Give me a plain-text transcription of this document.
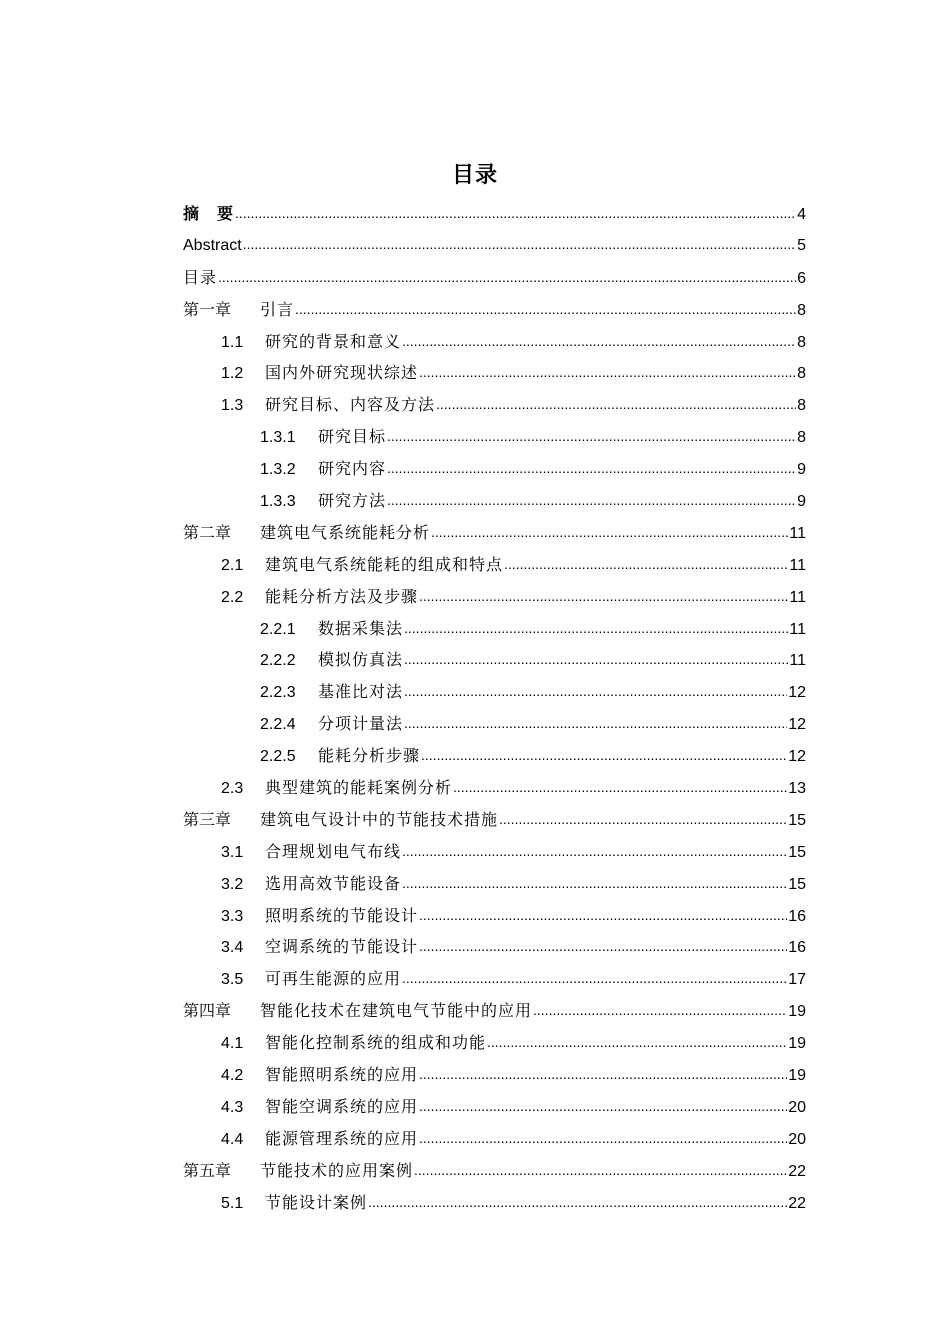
目录
摘　要 .....	4
Abstract .....	5
目录 .....	6
第一章	引言 .....	8
1.1	研究的背景和意义 .....	8
1.2	国内外研究现状综述 .....	8
1.3	研究目标、内容及方法 .....	8
1.3.1	研究目标 .....	8
1.3.2	研究内容 .....	9
1.3.3	研究方法 .....	9
第二章	建筑电气系统能耗分析 .....	11
2.1	建筑电气系统能耗的组成和特点 .....	11
2.2	能耗分析方法及步骤 .....	11
2.2.1	数据采集法 .....	11
2.2.2	模拟仿真法 .....	11
2.2.3	基准比对法 .....	12
2.2.4	分项计量法 .....	12
2.2.5	能耗分析步骤 .....	12
2.3	典型建筑的能耗案例分析 .....	13
第三章	建筑电气设计中的节能技术措施 .....	15
3.1	合理规划电气布线 .....	15
3.2	选用高效节能设备 .....	15
3.3	照明系统的节能设计 .....	16
3.4	空调系统的节能设计 .....	16
3.5	可再生能源的应用 .....	17
第四章	智能化技术在建筑电气节能中的应用 .....	19
4.1	智能化控制系统的组成和功能 .....	19
4.2	智能照明系统的应用 .....	19
4.3	智能空调系统的应用 .....	20
4.4	能源管理系统的应用 .....	20
第五章	节能技术的应用案例 .....	22
5.1	节能设计案例 .....	22
